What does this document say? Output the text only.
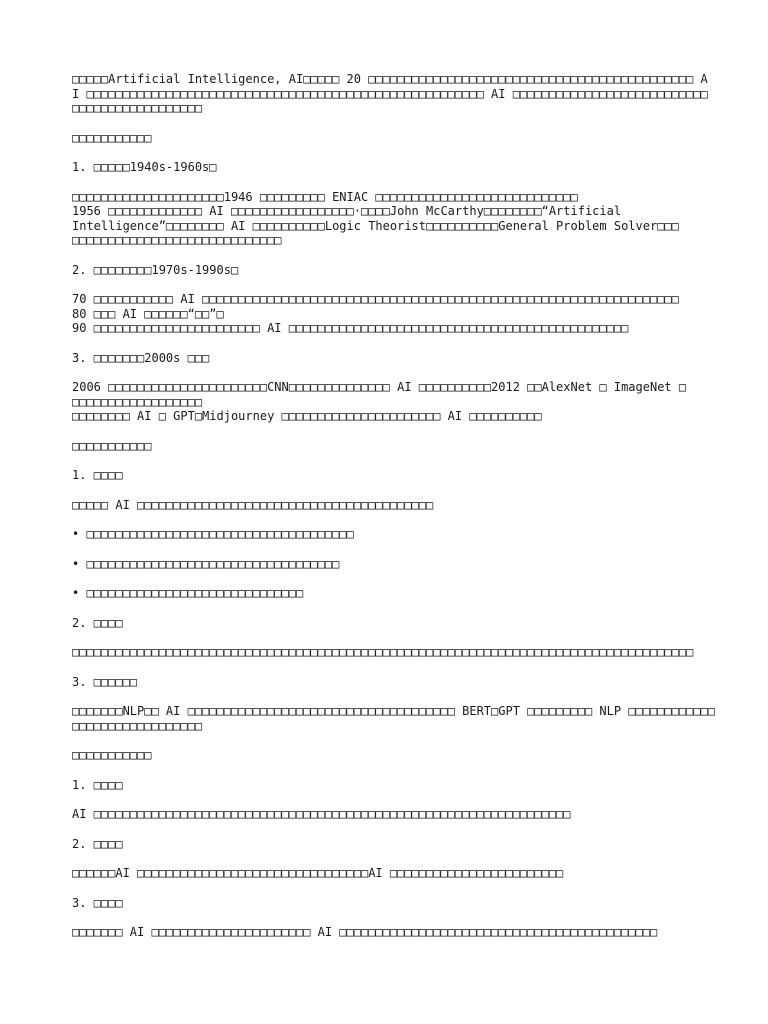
□□□□□Artificial Intelligence, AI□□□□□ 20 □□□□□□□□□□□□□□□□□□□□□□□□□□□□□□□□□□□□□□□□□□□□□ AI □□□□□□□□□□□□□□□□□□□□□□□□□□□□□□□□□□□□□□□□□□□□□□□□□□□□□□□ AI □□□□□□□□□□□□□□□□□□□□□□□□□□□□□□□□□□□□□□□□□□□□□

□□□□□□□□□□□

1. □□□□□1940s-1960s□

□□□□□□□□□□□□□□□□□□□□□1946 □□□□□□□□□ ENIAC □□□□□□□□□□□□□□□□□□□□□□□□□□□□
1956 □□□□□□□□□□□□□ AI □□□□□□□□□□□□□□□□□·□□□□John McCarthy□□□□□□□□“Artificial
Intelligence”□□□□□□□□ AI □□□□□□□□□□Logic Theorist□□□□□□□□□□General Problem Solver□□□
□□□□□□□□□□□□□□□□□□□□□□□□□□□□□

2. □□□□□□□□1970s-1990s□

70 □□□□□□□□□□□ AI □□□□□□□□□□□□□□□□□□□□□□□□□□□□□□□□□□□□□□□□□□□□□□□□□□□□□□□□□□□□□□□□□□
80 □□□ AI □□□□□□“□□”□
90 □□□□□□□□□□□□□□□□□□□□□□□ AI □□□□□□□□□□□□□□□□□□□□□□□□□□□□□□□□□□□□□□□□□□□□□□□

3. □□□□□□□2000s □□□

2006 □□□□□□□□□□□□□□□□□□□□□□CNN□□□□□□□□□□□□□□ AI □□□□□□□□□□2012 □□AlexNet □ ImageNet □
□□□□□□□□□□□□□□□□□□
□□□□□□□□ AI □ GPT□Midjourney □□□□□□□□□□□□□□□□□□□□□□ AI □□□□□□□□□□

□□□□□□□□□□□

1. □□□□

□□□□□ AI □□□□□□□□□□□□□□□□□□□□□□□□□□□□□□□□□□□□□□□□□

• □□□□□□□□□□□□□□□□□□□□□□□□□□□□□□□□□□□□□

• □□□□□□□□□□□□□□□□□□□□□□□□□□□□□□□□□□□

• □□□□□□□□□□□□□□□□□□□□□□□□□□□□□□

2. □□□□

□□□□□□□□□□□□□□□□□□□□□□□□□□□□□□□□□□□□□□□□□□□□□□□□□□□□□□□□□□□□□□□□□□□□□□□□□□□□□□□□□□□□□□

3. □□□□□□

□□□□□□□NLP□□ AI □□□□□□□□□□□□□□□□□□□□□□□□□□□□□□□□□□□□□ BERT□GPT □□□□□□□□□ NLP □□□□□□□□□□□□
□□□□□□□□□□□□□□□□□□

□□□□□□□□□□□

1. □□□□

AI □□□□□□□□□□□□□□□□□□□□□□□□□□□□□□□□□□□□□□□□□□□□□□□□□□□□□□□□□□□□□□□□□□

2. □□□□

□□□□□□AI □□□□□□□□□□□□□□□□□□□□□□□□□□□□□□□□AI □□□□□□□□□□□□□□□□□□□□□□□□

3. □□□□

□□□□□□□ AI □□□□□□□□□□□□□□□□□□□□□□ AI □□□□□□□□□□□□□□□□□□□□□□□□□□□□□□□□□□□□□□□□□□□□
